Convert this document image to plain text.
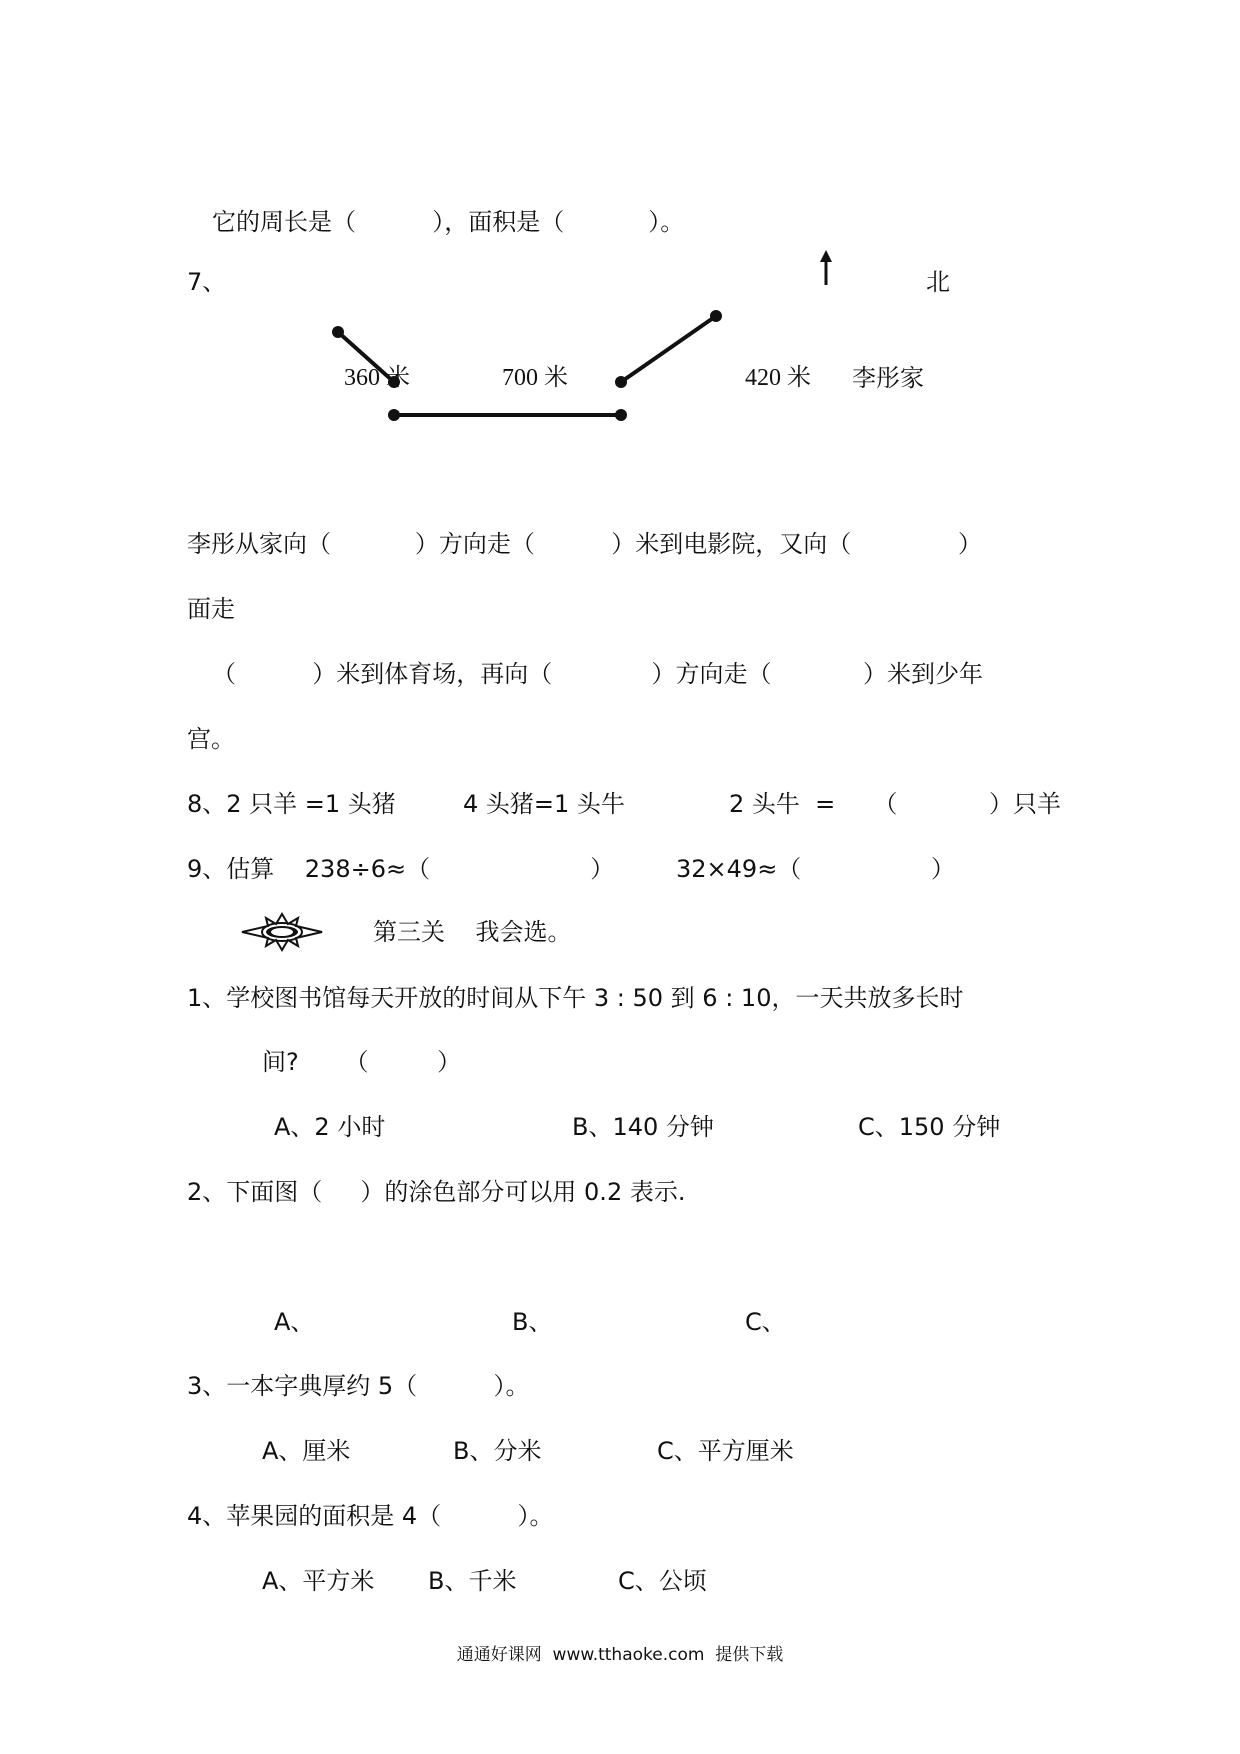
它的周长是（          ），面积是（           ）。
7、	北
360 米	700 米	420 米 李彤家
李彤从家向（           ）方向走（          ）米到电影院，又向（              ）
面走
（          ）米到体育场，再向（             ）方向走（            ）米到少年
宫。
8、2 只羊 =1 头猪	4 头猪=1 头牛	2 头牛  =     （            ）只羊
9、估算    238÷6≈（                     ）	32×49≈（                 ）
第三关    我会选。
1、学校图书馆每天开放的时间从下午 3 : 50 到 6 : 10，一天共放多长时
间?      （         ）
A、2 小时	B、140 分钟	C、150 分钟
2、下面图（     ）的涂色部分可以用 0.2 表示.
A、	B、	C、
3、一本字典厚约 5（          ）。
A、厘米	B、分米	C、平方厘米
4、苹果园的面积是 4（          ）。
A、平方米 B、千米	C、公顷
通通好课网  www.tthaoke.com  提供下载
